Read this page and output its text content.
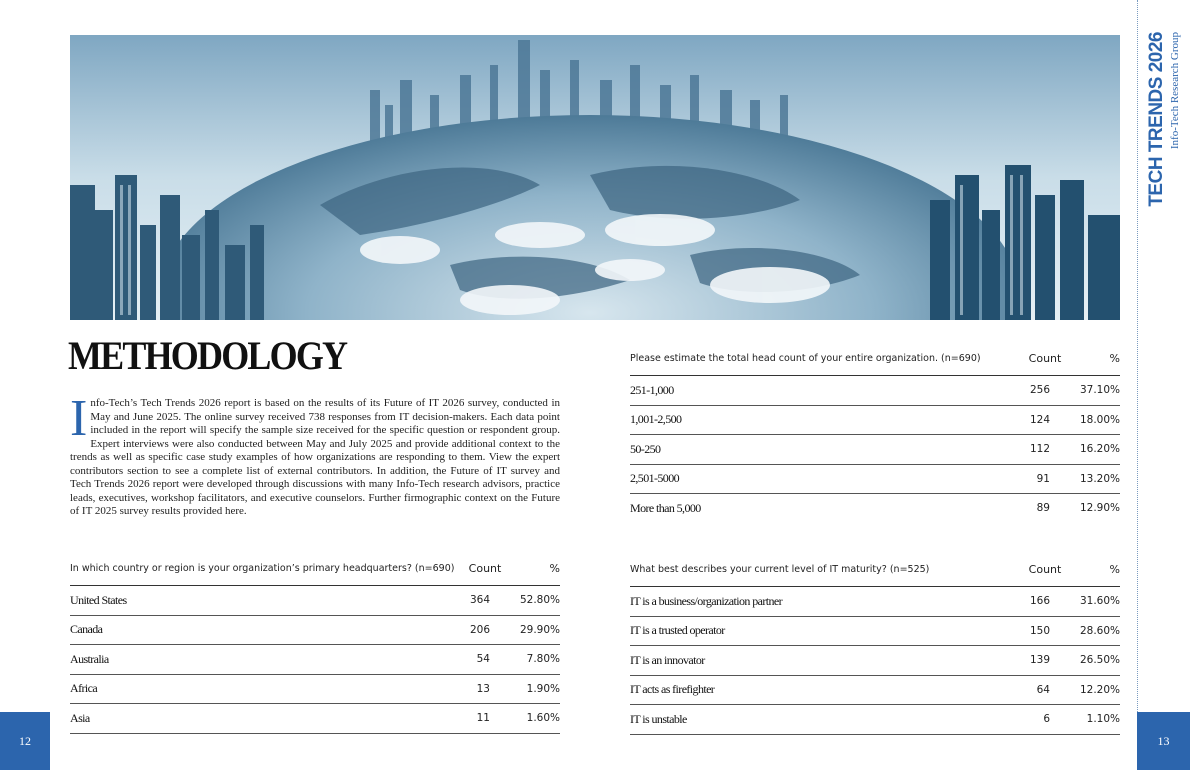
TECH TRENDS 2026 Info-Tech Research Group
12	13
METHODOLOGY
Info-Tech’s Tech Trends 2026 report is based on the results of its Future of IT 2026 survey, conducted in May and June 2025. The online survey received 738 responses from IT decision-makers. Each data point included in the report will specify the sample size received for the specific question or respondent group. Expert interviews were also conducted between May and July 2025 and provide additional context to the trends as well as specific case study examples of how organizations are responding to them. View the expert contributors section to see a complete list of external contributors. In addition, the Future of IT survey and Tech Trends 2026 report were developed through discussions with many Info-Tech research advisors, practice leads, executives, workshop facilitators, and executive counselors. Further firmographic context on the Future of IT 2025 survey results provided here.
In which country or region is your organization’s primary headquarters? (n=690)	Count	%
United States	364	52.80%
Canada	206	29.90%
Australia	54	7.80%
Africa	13	1.90%
Asia	11	1.60%
Please estimate the total head count of your entire organization. (n=690)	Count	%
251-1,000	256	37.10%
1,001-2,500	124	18.00%
50-250	112	16.20%
2,501-5000	91	13.20%
More than 5,000	89	12.90%
What best describes your current level of IT maturity? (n=525)	Count	%
IT is a business/organization partner	166	31.60%
IT is a trusted operator	150	28.60%
IT is an innovator	139	26.50%
IT acts as firefighter	64	12.20%
IT is unstable	6	1.10%
